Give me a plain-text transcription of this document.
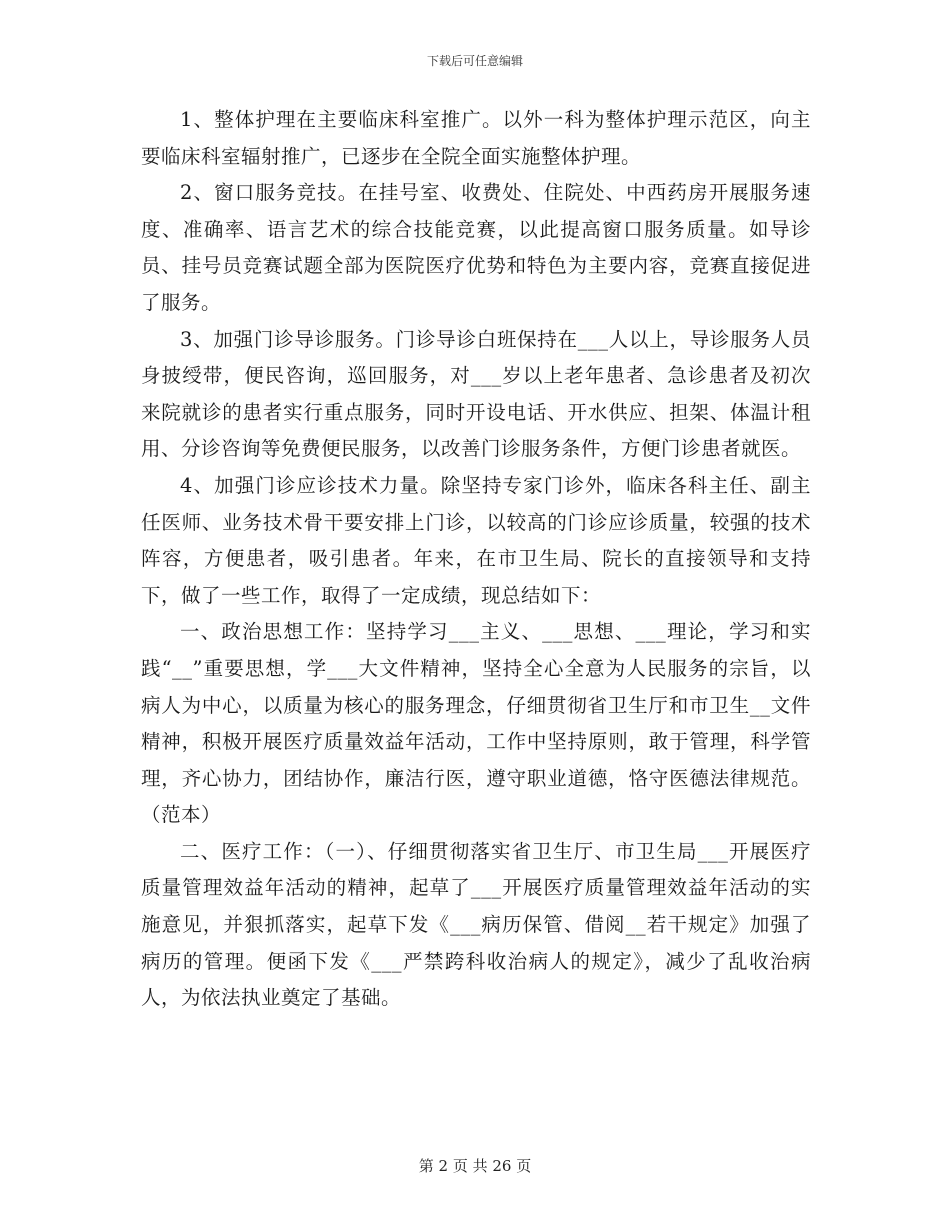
下载后可任意编辑

1、整体护理在主要临床科室推广。以外一科为整体护理示范区，向主要临床科室辐射推广，已逐步在全院全面实施整体护理。

2、窗口服务竞技。在挂号室、收费处、住院处、中西药房开展服务速度、准确率、语言艺术的综合技能竞赛，以此提高窗口服务质量。如导诊员、挂号员竞赛试题全部为医院医疗优势和特色为主要内容，竞赛直接促进了服务。

3、加强门诊导诊服务。门诊导诊白班保持在___人以上，导诊服务人员身披绶带，便民咨询，巡回服务，对___岁以上老年患者、急诊患者及初次来院就诊的患者实行重点服务，同时开设电话、开水供应、担架、体温计租用、分诊咨询等免费便民服务，以改善门诊服务条件，方便门诊患者就医。

4、加强门诊应诊技术力量。除坚持专家门诊外，临床各科主任、副主任医师、业务技术骨干要安排上门诊，以较高的门诊应诊质量，较强的技术阵容，方便患者，吸引患者。年来，在市卫生局、院长的直接领导和支持下，做了一些工作，取得了一定成绩，现总结如下：

一、政治思想工作：坚持学习___主义、___思想、___理论，学习和实践“__”重要思想，学___大文件精神，坚持全心全意为人民服务的宗旨，以病人为中心，以质量为核心的服务理念，仔细贯彻省卫生厅和市卫生__文件精神，积极开展医疗质量效益年活动，工作中坚持原则，敢于管理，科学管理，齐心协力，团结协作，廉洁行医，遵守职业道德，恪守医德法律规范。（范本）

二、医疗工作：（一）、仔细贯彻落实省卫生厅、市卫生局___开展医疗质量管理效益年活动的精神，起草了___开展医疗质量管理效益年活动的实施意见，并狠抓落实，起草下发《___病历保管、借阅__若干规定》加强了病历的管理。便函下发《___严禁跨科收治病人的规定》，减少了乱收治病人，为依法执业奠定了基础。

第 2 页 共 26 页
